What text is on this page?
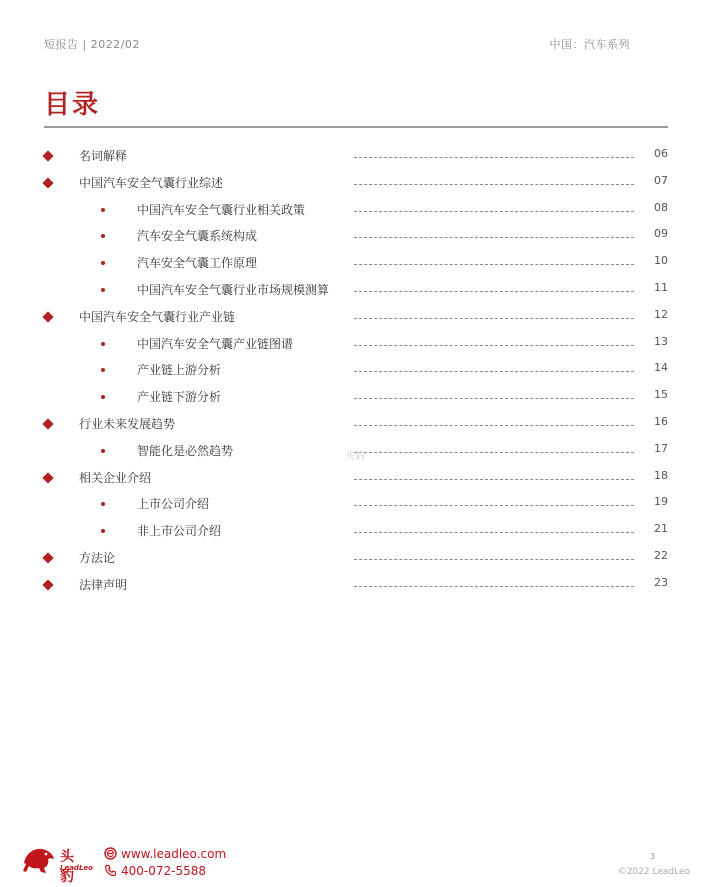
短报告 | 2022/02	中国：汽车系列
目录
名词解释	06
中国汽车安全气囊行业综述	07
中国汽车安全气囊行业相关政策	08
汽车安全气囊系统构成	09
汽车安全气囊工作原理	10
中国汽车安全气囊行业市场规模测算	11
中国汽车安全气囊行业产业链	12
中国汽车安全气囊产业链图谱	13
产业链上游分析	14
产业链下游分析	15
行业未来发展趋势	16
智能化是必然趋势	17
相关企业介绍	18
上市公司介绍	19
非上市公司介绍	21
方法论	22
法律声明	23
头豹
头豹
LeadLeo
www.leadleo.com
400-072-5588
3
©2022 LeadLeo
